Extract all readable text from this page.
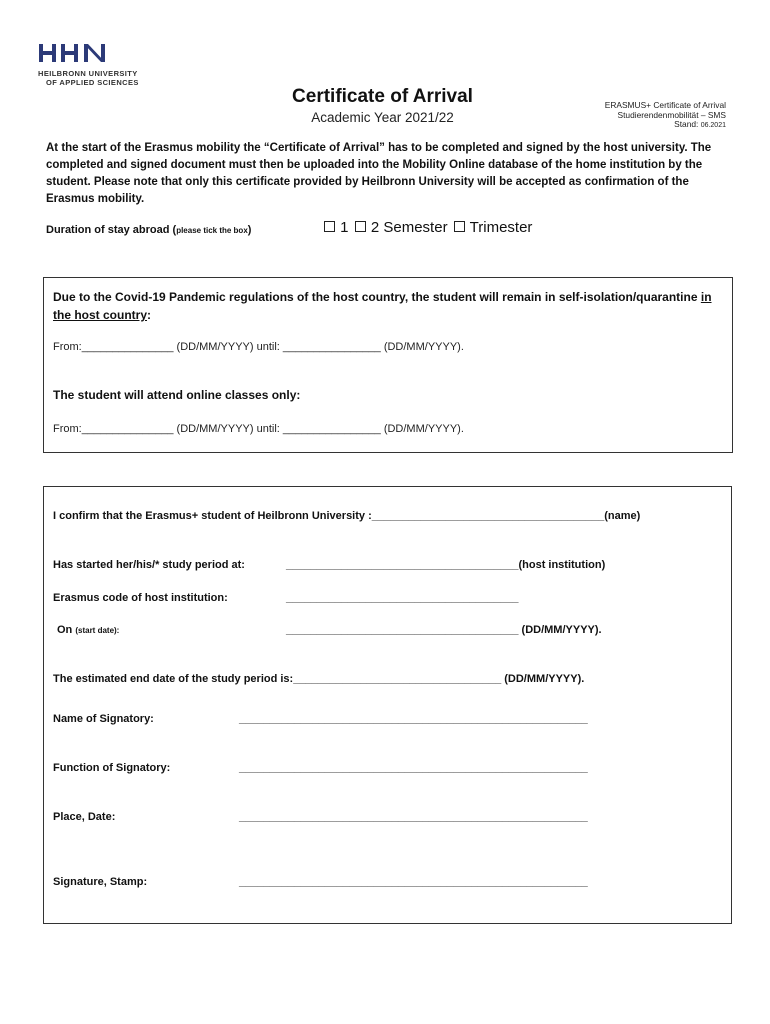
HEILBRONN UNIVERSITY
OF APPLIED SCIENCES
Certificate of Arrival
Academic Year 2021/22
ERASMUS+ Certificate of Arrival
Studierendenmobilität – SMS
Stand: 06.2021
At the start of the Erasmus mobility the “Certificate of Arrival” has to be completed and signed by the host university. The completed and signed document must then be uploaded into the Mobility Online database of the home institution by the student. Please note that only this certificate provided by Heilbronn University will be accepted as confirmation of the Erasmus mobility.
Duration of stay abroad (please tick the box)	1 2 Semester Trimester
Due to the Covid-19 Pandemic regulations of the host country, the student will remain in self-isolation/quarantine in the host country:
From:_______________ (DD/MM/YYYY) until: ________________ (DD/MM/YYYY).
The student will attend online classes only:
From:_______________ (DD/MM/YYYY) until: ________________ (DD/MM/YYYY).
I confirm that the Erasmus+ student of Heilbronn University :______________________________________(name)
Has started her/his/* study period at:	______________________________________(host institution)
Erasmus code of host institution:	______________________________________
On (start date):	______________________________________ (DD/MM/YYYY).
The estimated end date of the study period is:__________________________________ (DD/MM/YYYY).
Name of Signatory:	_________________________________________________________
Function of Signatory:	_________________________________________________________
Place, Date:	_________________________________________________________
Signature, Stamp:	_________________________________________________________
